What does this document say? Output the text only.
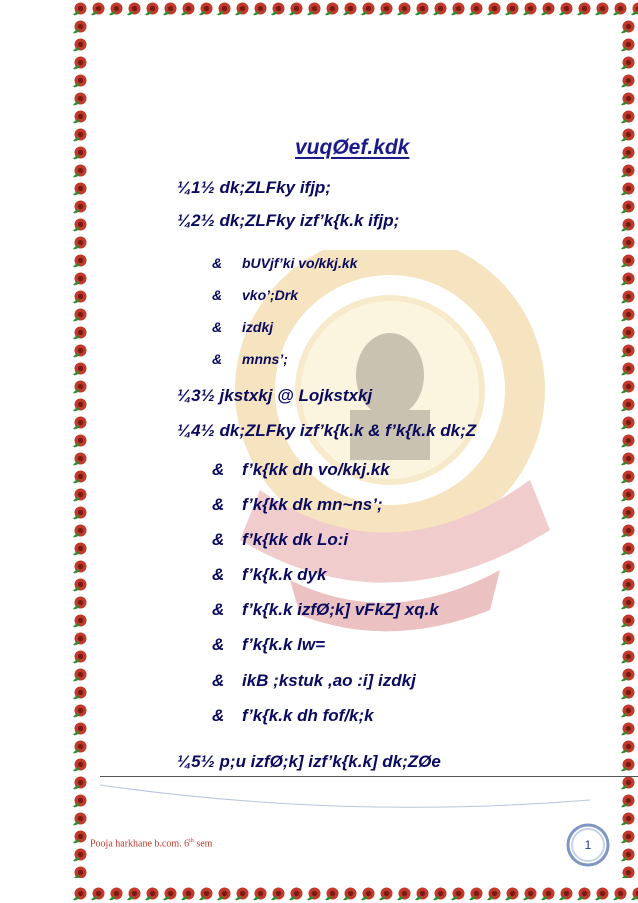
vuqØef.kdk
¼1½ dk;ZLFky ifjp;
¼2½ dk;ZLFky izf’k{k.k ifjp;
& bUVjf’ki vo/kkj.kk
& vko’;Drk
& izdkj
& mnns’;
¼3½ jkstxkj @ Lojkstxkj
¼4½ dk;ZLFky izf’k{k.k & f’k{k.k dk;Z
& f’k{kk dh vo/kkj.kk
& f’k{kk dk mn~ns’;
& f’k{kk dk Lo:i
& f’k{k.k dyk
& f’k{k.k izfØ;k] vFkZ] xq.k
& f’k{k.k lw=
& ikB ;kstuk ,ao :i] izdkj
& f’k{k.k dh fof/k;k
¼5½ p;u izfØ;k] izf’k{k.k] dk;ZØe
Pooja harkhane b.com. 6th sem	1
